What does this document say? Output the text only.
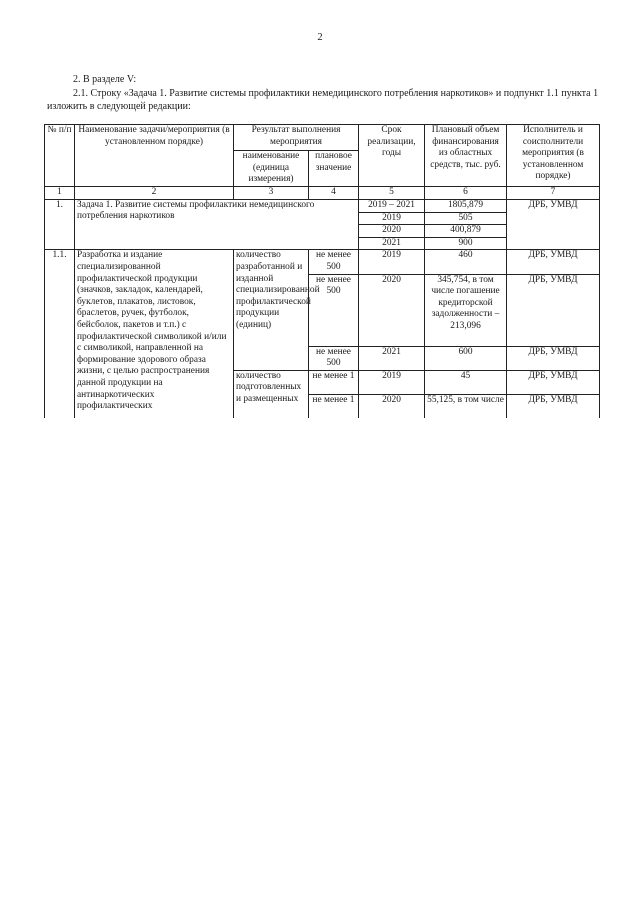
2
2. В разделе V:
2.1. Строку «Задача 1. Развитие системы профилактики немедицинского потребления наркотиков» и подпункт 1.1 пункта 1 изложить в следующей редакции:
№ п/п	Наименование задачи/мероприятия (в установленном порядке)	Результат выполнения мероприятия		Срок реализации, годы	Плановый объем финансирования из областных средств, тыс. руб.	Исполнитель и соисполнители мероприятия (в установленном порядке)
		наименование (единица измерения)	плановое значение			
1	2	3	4	5	6	7
1.	Задача 1. Развитие системы профилактики немедицинского потребления наркотиков			2019 – 2021	1805,879	ДРБ, УМВД
				2019	505	
				2020	400,879	
				2021	900	
1.1.	Разработка и издание специализированной профилактической продукции (значков, закладок, календарей, буклетов, плакатов, листовок, браслетов, ручек, футболок, бейсболок, пакетов и т.п.) с профилактической символикой и/или с символикой, направленной на формирование здорового образа жизни, с целью распространения данной продукции на антинаркотических профилактических	количество разработанной и изданной специализированной профилактической продукции (единиц)	не менее 500	2019	460	ДРБ, УМВД
			не менее 500	2020	345,754, в том числе погашение кредиторской задолженности – 213,096	ДРБ, УМВД
			не менее 500	2021	600	ДРБ, УМВД
		количество подготовленных и размещенных	не менее 1	2019	45	ДРБ, УМВД
			не менее 1	2020	55,125, в том числе	ДРБ, УМВД
